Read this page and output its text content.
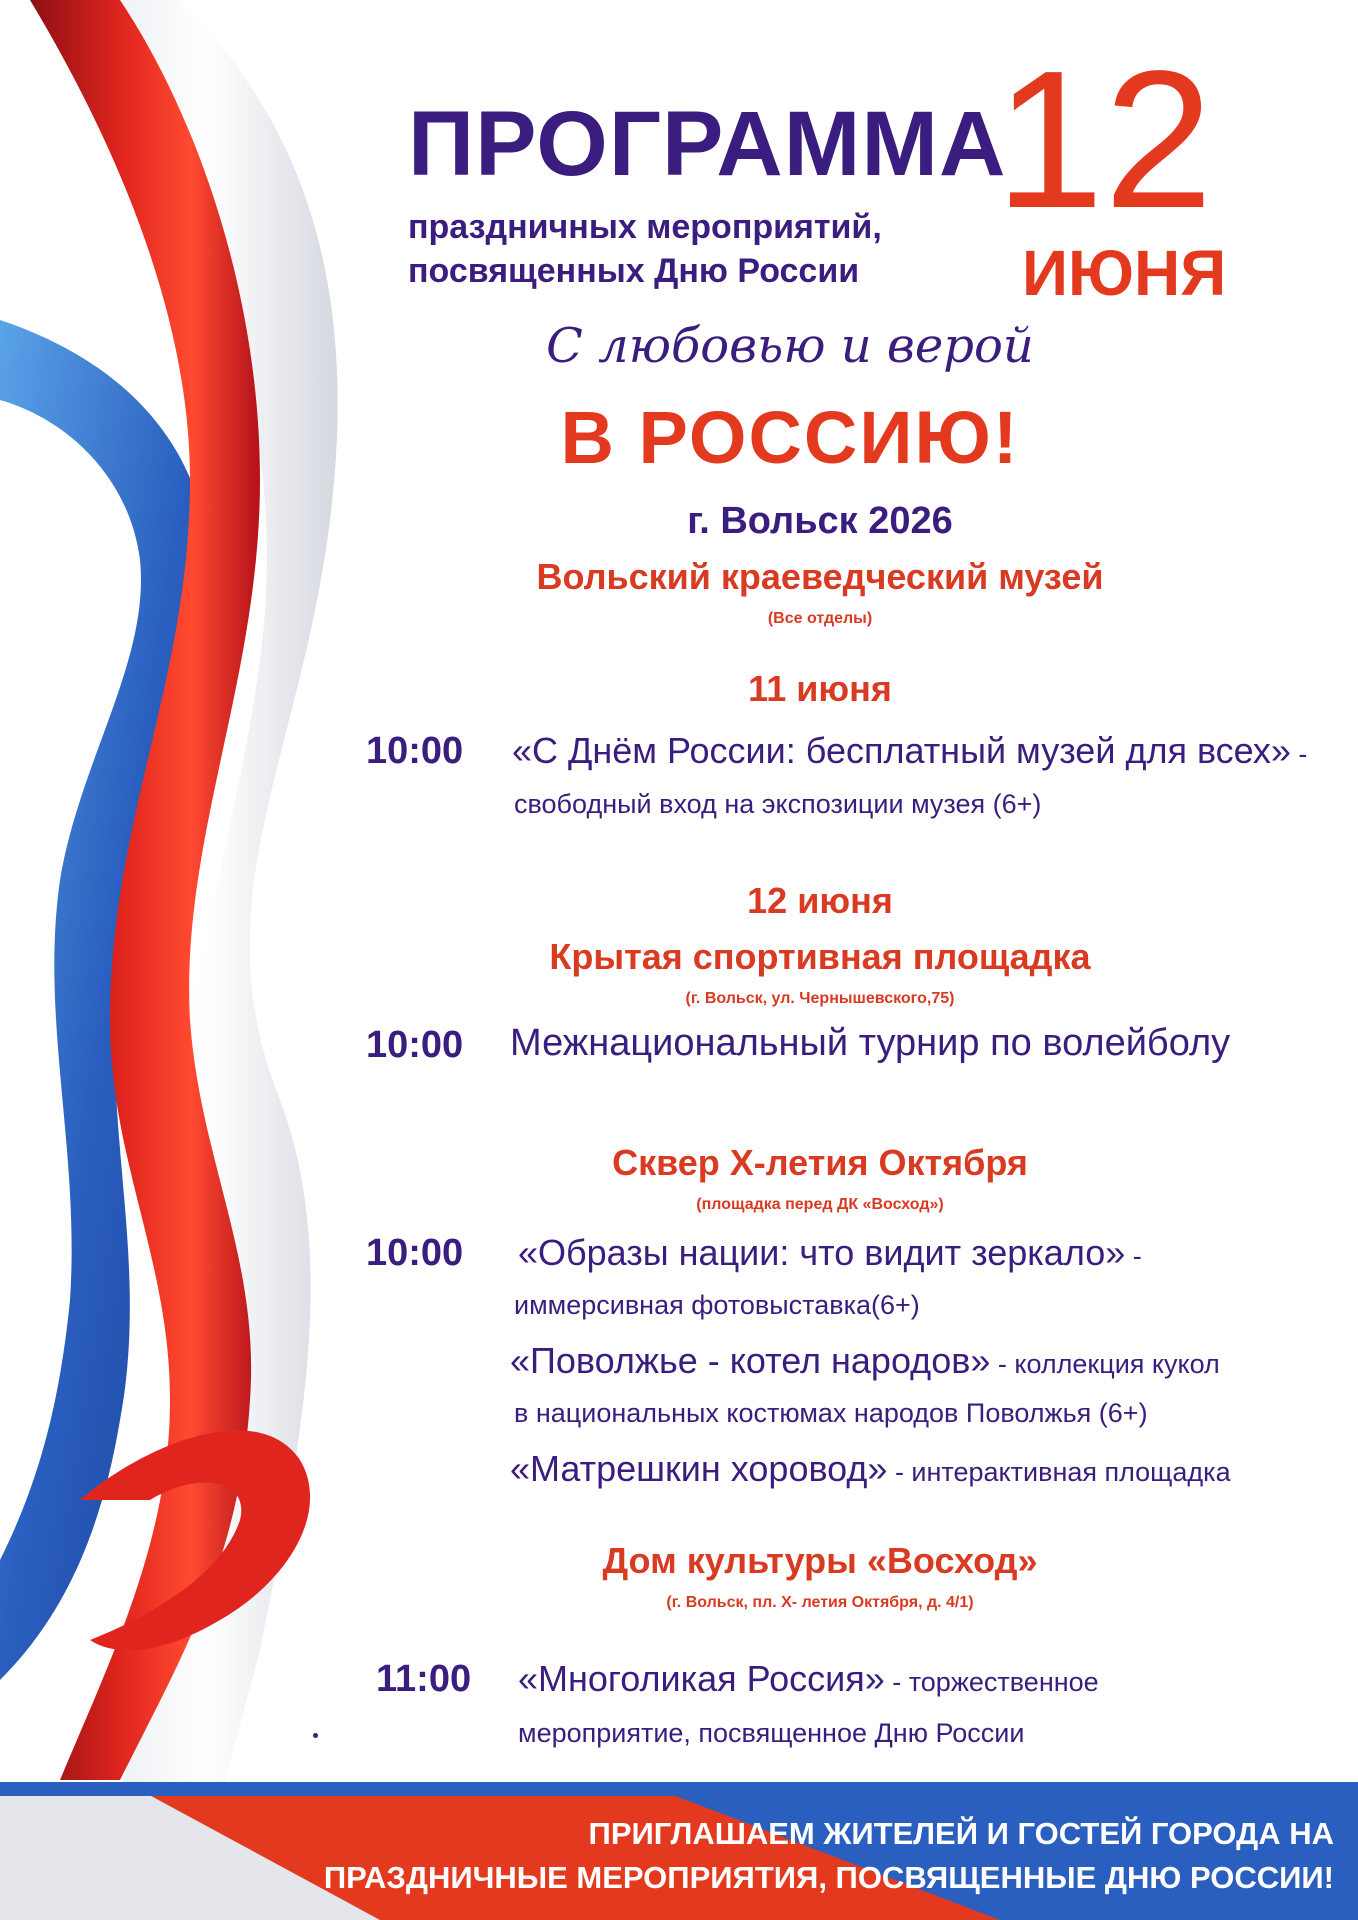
ПРОГРАММА
праздничных мероприятий,
посвященных Дню России
12
ИЮНЯ
С любовью и верой
В РОССИЮ!
г. Вольск 2026
Вольский краеведческий музей
(Все отделы)
11 июня
10:00 «С Днём России: бесплатный музей для всех» -
свободный вход на экспозиции музея (6+)
12 июня
Крытая спортивная площадка
(г. Вольск, ул. Чернышевского,75)
10:00 Межнациональный турнир по волейболу
Сквер Х-летия Октября
(площадка перед ДК «Восход»)
10:00 «Образы нации: что видит зеркало» -
иммерсивная фотовыставка(6+)
«Поволжье - котел народов» - коллекция кукол
в национальных костюмах народов Поволжья (6+)
«Матрешкин хоровод» - интерактивная площадка
Дом культуры «Восход»
(г. Вольск, пл. Х- летия Октября, д. 4/1)
11:00 «Многоликая Россия» - торжественное
мероприятие, посвященное Дню России
ПРИГЛАШАЕМ ЖИТЕЛЕЙ И ГОСТЕЙ ГОРОДА НА
ПРАЗДНИЧНЫЕ МЕРОПРИЯТИЯ, ПОСВЯЩЕННЫЕ ДНЮ РОССИИ!
